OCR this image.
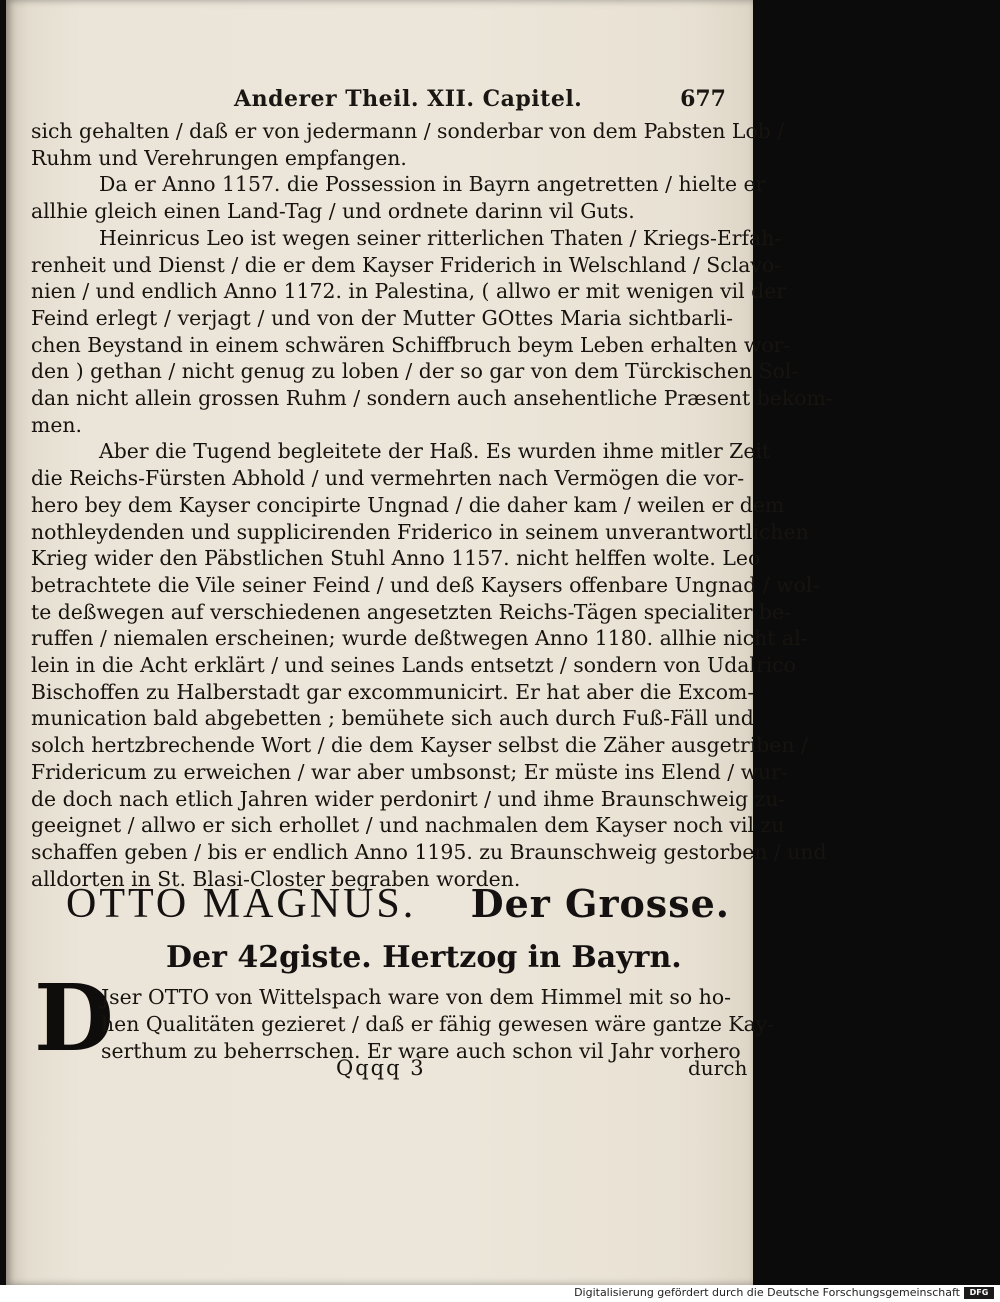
Anderer Theil. XII. Capitel.	677
sich gehalten / daß er von jedermann / sonderbar von dem Pabsten Lob /
Ruhm und Verehrungen empfangen.
Da er Anno 1157. die Possession in Bayrn angetretten / hielte er
allhie gleich einen Land-Tag / und ordnete darinn vil Guts.
Heinricus Leo ist wegen seiner ritterlichen Thaten / Kriegs-Erfah-
renheit und Dienst / die er dem Kayser Friderich in Welschland / Sclavo-
nien / und endlich Anno 1172. in Palestina, ( allwo er mit wenigen vil der
Feind erlegt / verjagt / und von der Mutter GOttes Maria sichtbarli-
chen Beystand in einem schwären Schiffbruch beym Leben erhalten wor-
den ) gethan / nicht genug zu loben / der so gar von dem Türckischen Sol-
dan nicht allein grossen Ruhm / sondern auch ansehentliche Præsent bekom-
men.
Aber die Tugend begleitete der Haß. Es wurden ihme mitler Zeit
die Reichs-Fürsten Abhold / und vermehrten nach Vermögen die vor-
hero bey dem Kayser concipirte Ungnad / die daher kam / weilen er dem
nothleydenden und supplicirenden Friderico in seinem unverantwortlichen
Krieg wider den Päbstlichen Stuhl Anno 1157. nicht helffen wolte. Leo
betrachtete die Vile seiner Feind / und deß Kaysers offenbare Ungnad / wol-
te deßwegen auf verschiedenen angesetzten Reichs-Tägen specialiter be-
ruffen / niemalen erscheinen; wurde deßtwegen Anno 1180. allhie nicht al-
lein in die Acht erklärt / und seines Lands entsetzt / sondern von Udalrico
Bischoffen zu Halberstadt gar excommunicirt. Er hat aber die Excom-
munication bald abgebetten ; bemühete sich auch durch Fuß-Fäll und
solch hertzbrechende Wort / die dem Kayser selbst die Zäher ausgetriben /
Fridericum zu erweichen / war aber umbsonst; Er müste ins Elend / wur-
de doch nach etlich Jahren wider perdonirt / und ihme Braunschweig zu-
geeignet / allwo er sich erhollet / und nachmalen dem Kayser noch vil zu
schaffen geben / bis er endlich Anno 1195. zu Braunschweig gestorben / und
alldorten in St. Blasi-Closter begraben worden.
OTTO MAGNUS. Der Grosse.
Der 42giste. Hertzog in Bayrn.
D
Jser OTTO von Wittelspach ware von dem Himmel mit so ho-
hen Qualitäten gezieret / daß er fähig gewesen wäre gantze Kay-
serthum zu beherrschen. Er ware auch schon vil Jahr vorhero
Qqqq 3	durch
Digitalisierung gefördert durch die Deutsche Forschungsgemeinschaft	DFG
